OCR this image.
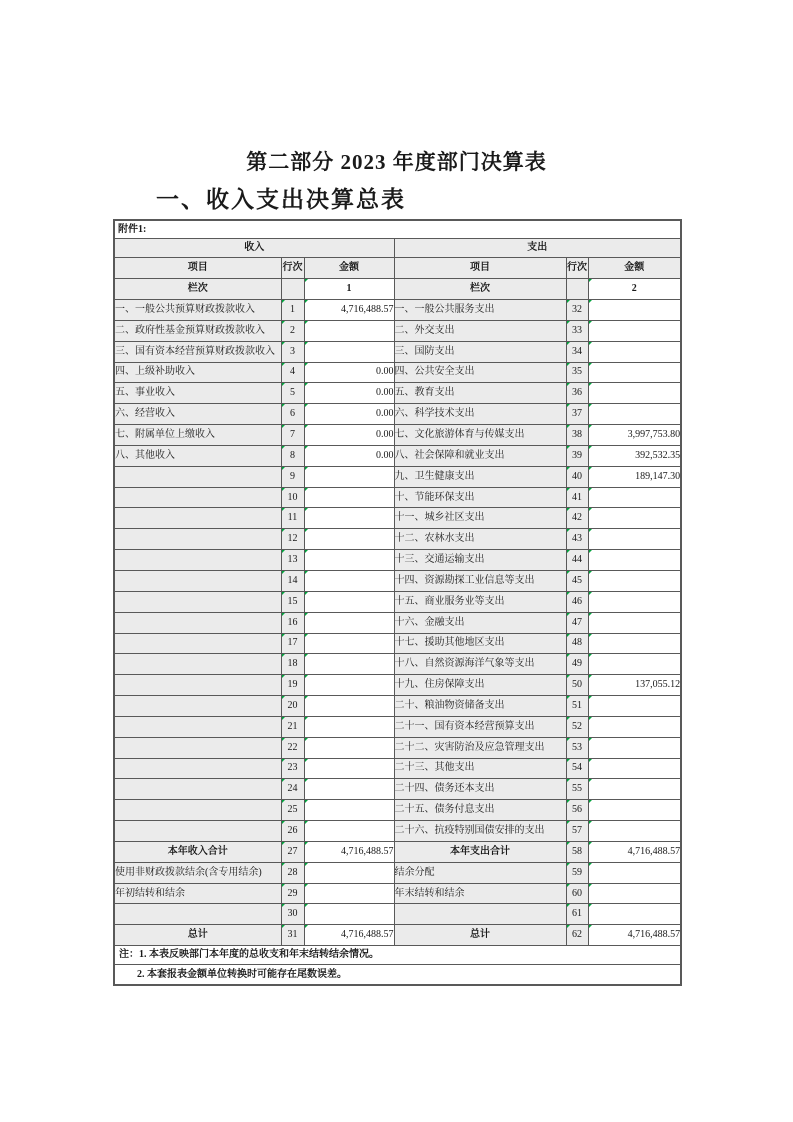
第二部分 2023 年度部门决算表
一、收入支出决算总表
附件1:					
收入			支出		
项目	行次	金额	项目	行次	金额
栏次		1	栏次		2
一、一般公共预算财政拨款收入	1	4,716,488.57	一、一般公共服务支出	32	
二、政府性基金预算财政拨款收入	2		二、外交支出	33	
三、国有资本经营预算财政拨款收入	3		三、国防支出	34	
四、上级补助收入	4	0.00	四、公共安全支出	35	
五、事业收入	5	0.00	五、教育支出	36	
六、经营收入	6	0.00	六、科学技术支出	37	
七、附属单位上缴收入	7	0.00	七、文化旅游体育与传媒支出	38	3,997,753.80
八、其他收入	8	0.00	八、社会保障和就业支出	39	392,532.35
	9		九、卫生健康支出	40	189,147.30
	10		十、节能环保支出	41	
	11		十一、城乡社区支出	42	
	12		十二、农林水支出	43	
	13		十三、交通运输支出	44	
	14		十四、资源勘探工业信息等支出	45	
	15		十五、商业服务业等支出	46	
	16		十六、金融支出	47	
	17		十七、援助其他地区支出	48	
	18		十八、自然资源海洋气象等支出	49	
	19		十九、住房保障支出	50	137,055.12
	20		二十、粮油物资储备支出	51	
	21		二十一、国有资本经营预算支出	52	
	22		二十二、灾害防治及应急管理支出	53	
	23		二十三、其他支出	54	
	24		二十四、债务还本支出	55	
	25		二十五、债务付息支出	56	
	26		二十六、抗疫特别国债安排的支出	57	
本年收入合计	27	4,716,488.57	本年支出合计	58	4,716,488.57
使用非财政拨款结余(含专用结余)	28		结余分配	59	
年初结转和结余	29		年末结转和结余	60	
	30			61	
总计	31	4,716,488.57	总计	62	4,716,488.57
注：1. 本表反映部门本年度的总收支和年末结转结余情况。					
2. 本套报表金额单位转换时可能存在尾数误差。					
